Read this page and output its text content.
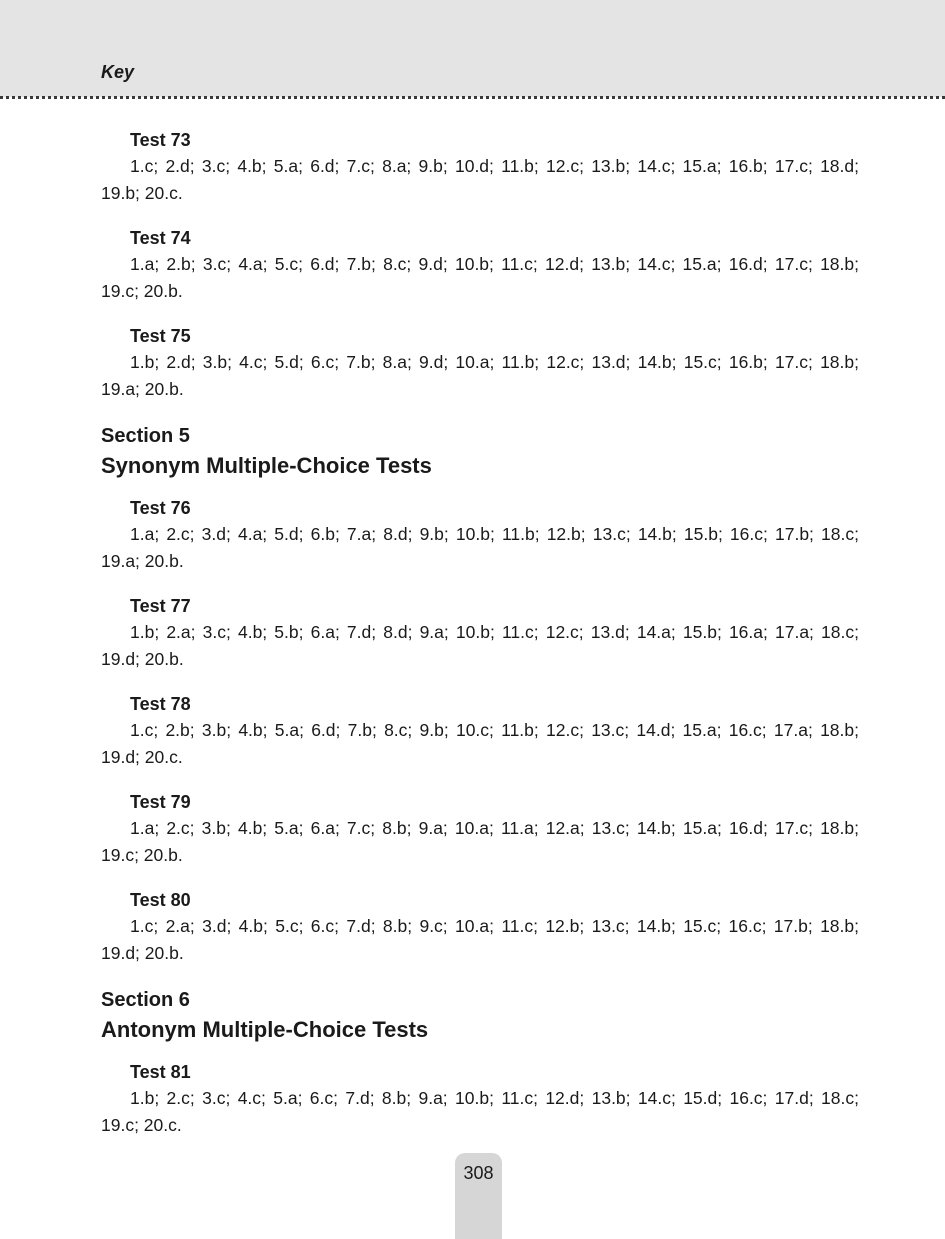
Key
Test 73

1.c; 2.d; 3.c; 4.b; 5.a; 6.d; 7.c; 8.a; 9.b; 10.d; 11.b; 12.c; 13.b; 14.c; 15.a; 16.b; 17.c; 18.d; 19.b; 20.c.

Test 74

1.a; 2.b; 3.c; 4.a; 5.c; 6.d; 7.b; 8.c; 9.d; 10.b; 11.c; 12.d; 13.b; 14.c; 15.a; 16.d; 17.c; 18.b; 19.c; 20.b.

Test 75

1.b; 2.d; 3.b; 4.c; 5.d; 6.c; 7.b; 8.a; 9.d; 10.a; 11.b; 12.c; 13.d; 14.b; 15.c; 16.b; 17.c; 18.b; 19.a; 20.b.

Section 5
Synonym Multiple-Choice Tests
Test 76

1.a; 2.c; 3.d; 4.a; 5.d; 6.b; 7.a; 8.d; 9.b; 10.b; 11.b; 12.b; 13.c; 14.b; 15.b; 16.c; 17.b; 18.c; 19.a; 20.b.

Test 77

1.b; 2.a; 3.c; 4.b; 5.b; 6.a; 7.d; 8.d; 9.a; 10.b; 11.c; 12.c; 13.d; 14.a; 15.b; 16.a; 17.a; 18.c; 19.d; 20.b.

Test 78

1.c; 2.b; 3.b; 4.b; 5.a; 6.d; 7.b; 8.c; 9.b; 10.c; 11.b; 12.c; 13.c; 14.d; 15.a; 16.c; 17.a; 18.b; 19.d; 20.c.

Test 79

1.a; 2.c; 3.b; 4.b; 5.a; 6.a; 7.c; 8.b; 9.a; 10.a; 11.a; 12.a; 13.c; 14.b; 15.a; 16.d; 17.c; 18.b; 19.c; 20.b.

Test 80

1.c; 2.a; 3.d; 4.b; 5.c; 6.c; 7.d; 8.b; 9.c; 10.a; 11.c; 12.b; 13.c; 14.b; 15.c; 16.c; 17.b; 18.b; 19.d; 20.b.

Section 6
Antonym Multiple-Choice Tests
Test 81

1.b; 2.c; 3.c; 4.c; 5.a; 6.c; 7.d; 8.b; 9.a; 10.b; 11.c; 12.d; 13.b; 14.c; 15.d; 16.c; 17.d; 18.c; 19.c; 20.c.

308
